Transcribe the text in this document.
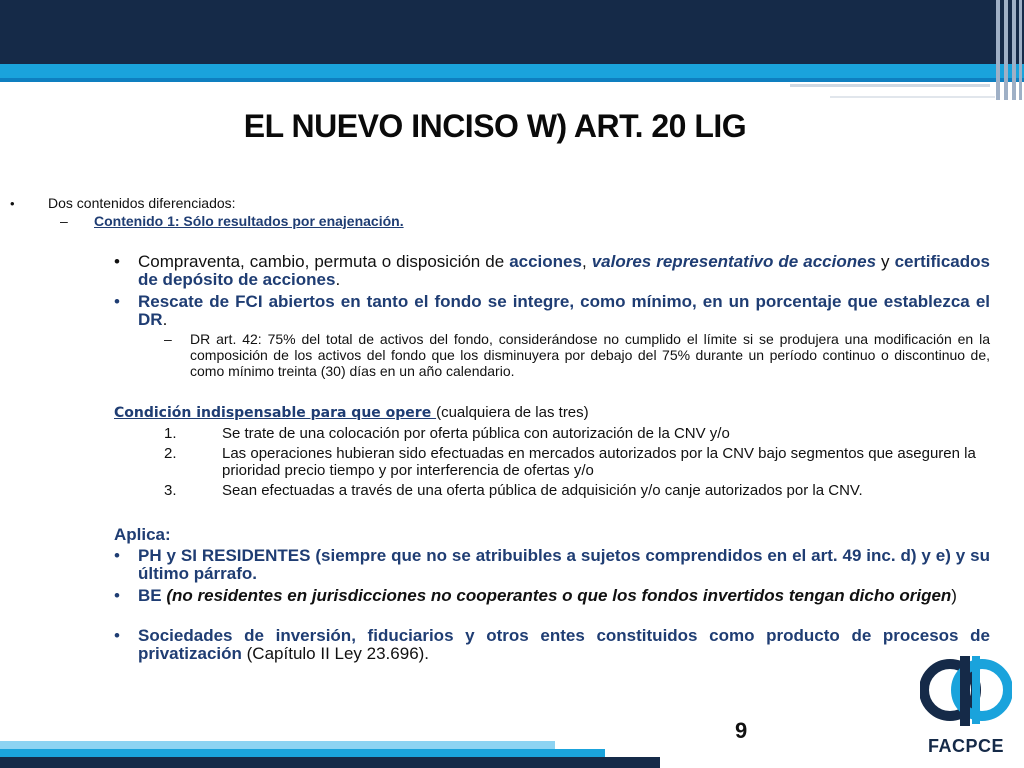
EL NUEVO INCISO W) ART. 20 LIG
• Dos contenidos diferenciados:
– Contenido 1: Sólo resultados por enajenación.
• Compraventa, cambio, permuta o disposición de acciones, valores representativo de acciones y certificados de depósito de acciones.
• Rescate de FCI abiertos en tanto el fondo se integre, como mínimo, en un porcentaje que establezca el DR.
– DR art. 42: 75% del total de activos del fondo, considerándose no cumplido el límite si se produjera una modificación en la composición de los activos del fondo que los disminuyera por debajo del 75% durante un período continuo o discontinuo de, como mínimo treinta (30) días en un año calendario.
Condición indispensable para que opere (cualquiera de las tres)
1.	Se trate de una colocación por oferta pública con autorización de la CNV y/o
2.	Las operaciones hubieran sido efectuadas en mercados autorizados por la CNV bajo segmentos que aseguren la prioridad precio tiempo y por interferencia de ofertas y/o
3.	Sean efectuadas a través de una oferta pública de adquisición y/o canje autorizados por la CNV.
Aplica:
• PH y SI RESIDENTES (siempre que no se atribuibles a sujetos comprendidos en el art. 49 inc. d) y e) y su último párrafo.
• BE (no residentes en jurisdicciones no cooperantes o que los fondos invertidos tengan dicho origen)
• Sociedades de inversión, fiduciarios y otros entes constituidos como producto de procesos de privatización (Capítulo II Ley 23.696).
9
FACPCE
